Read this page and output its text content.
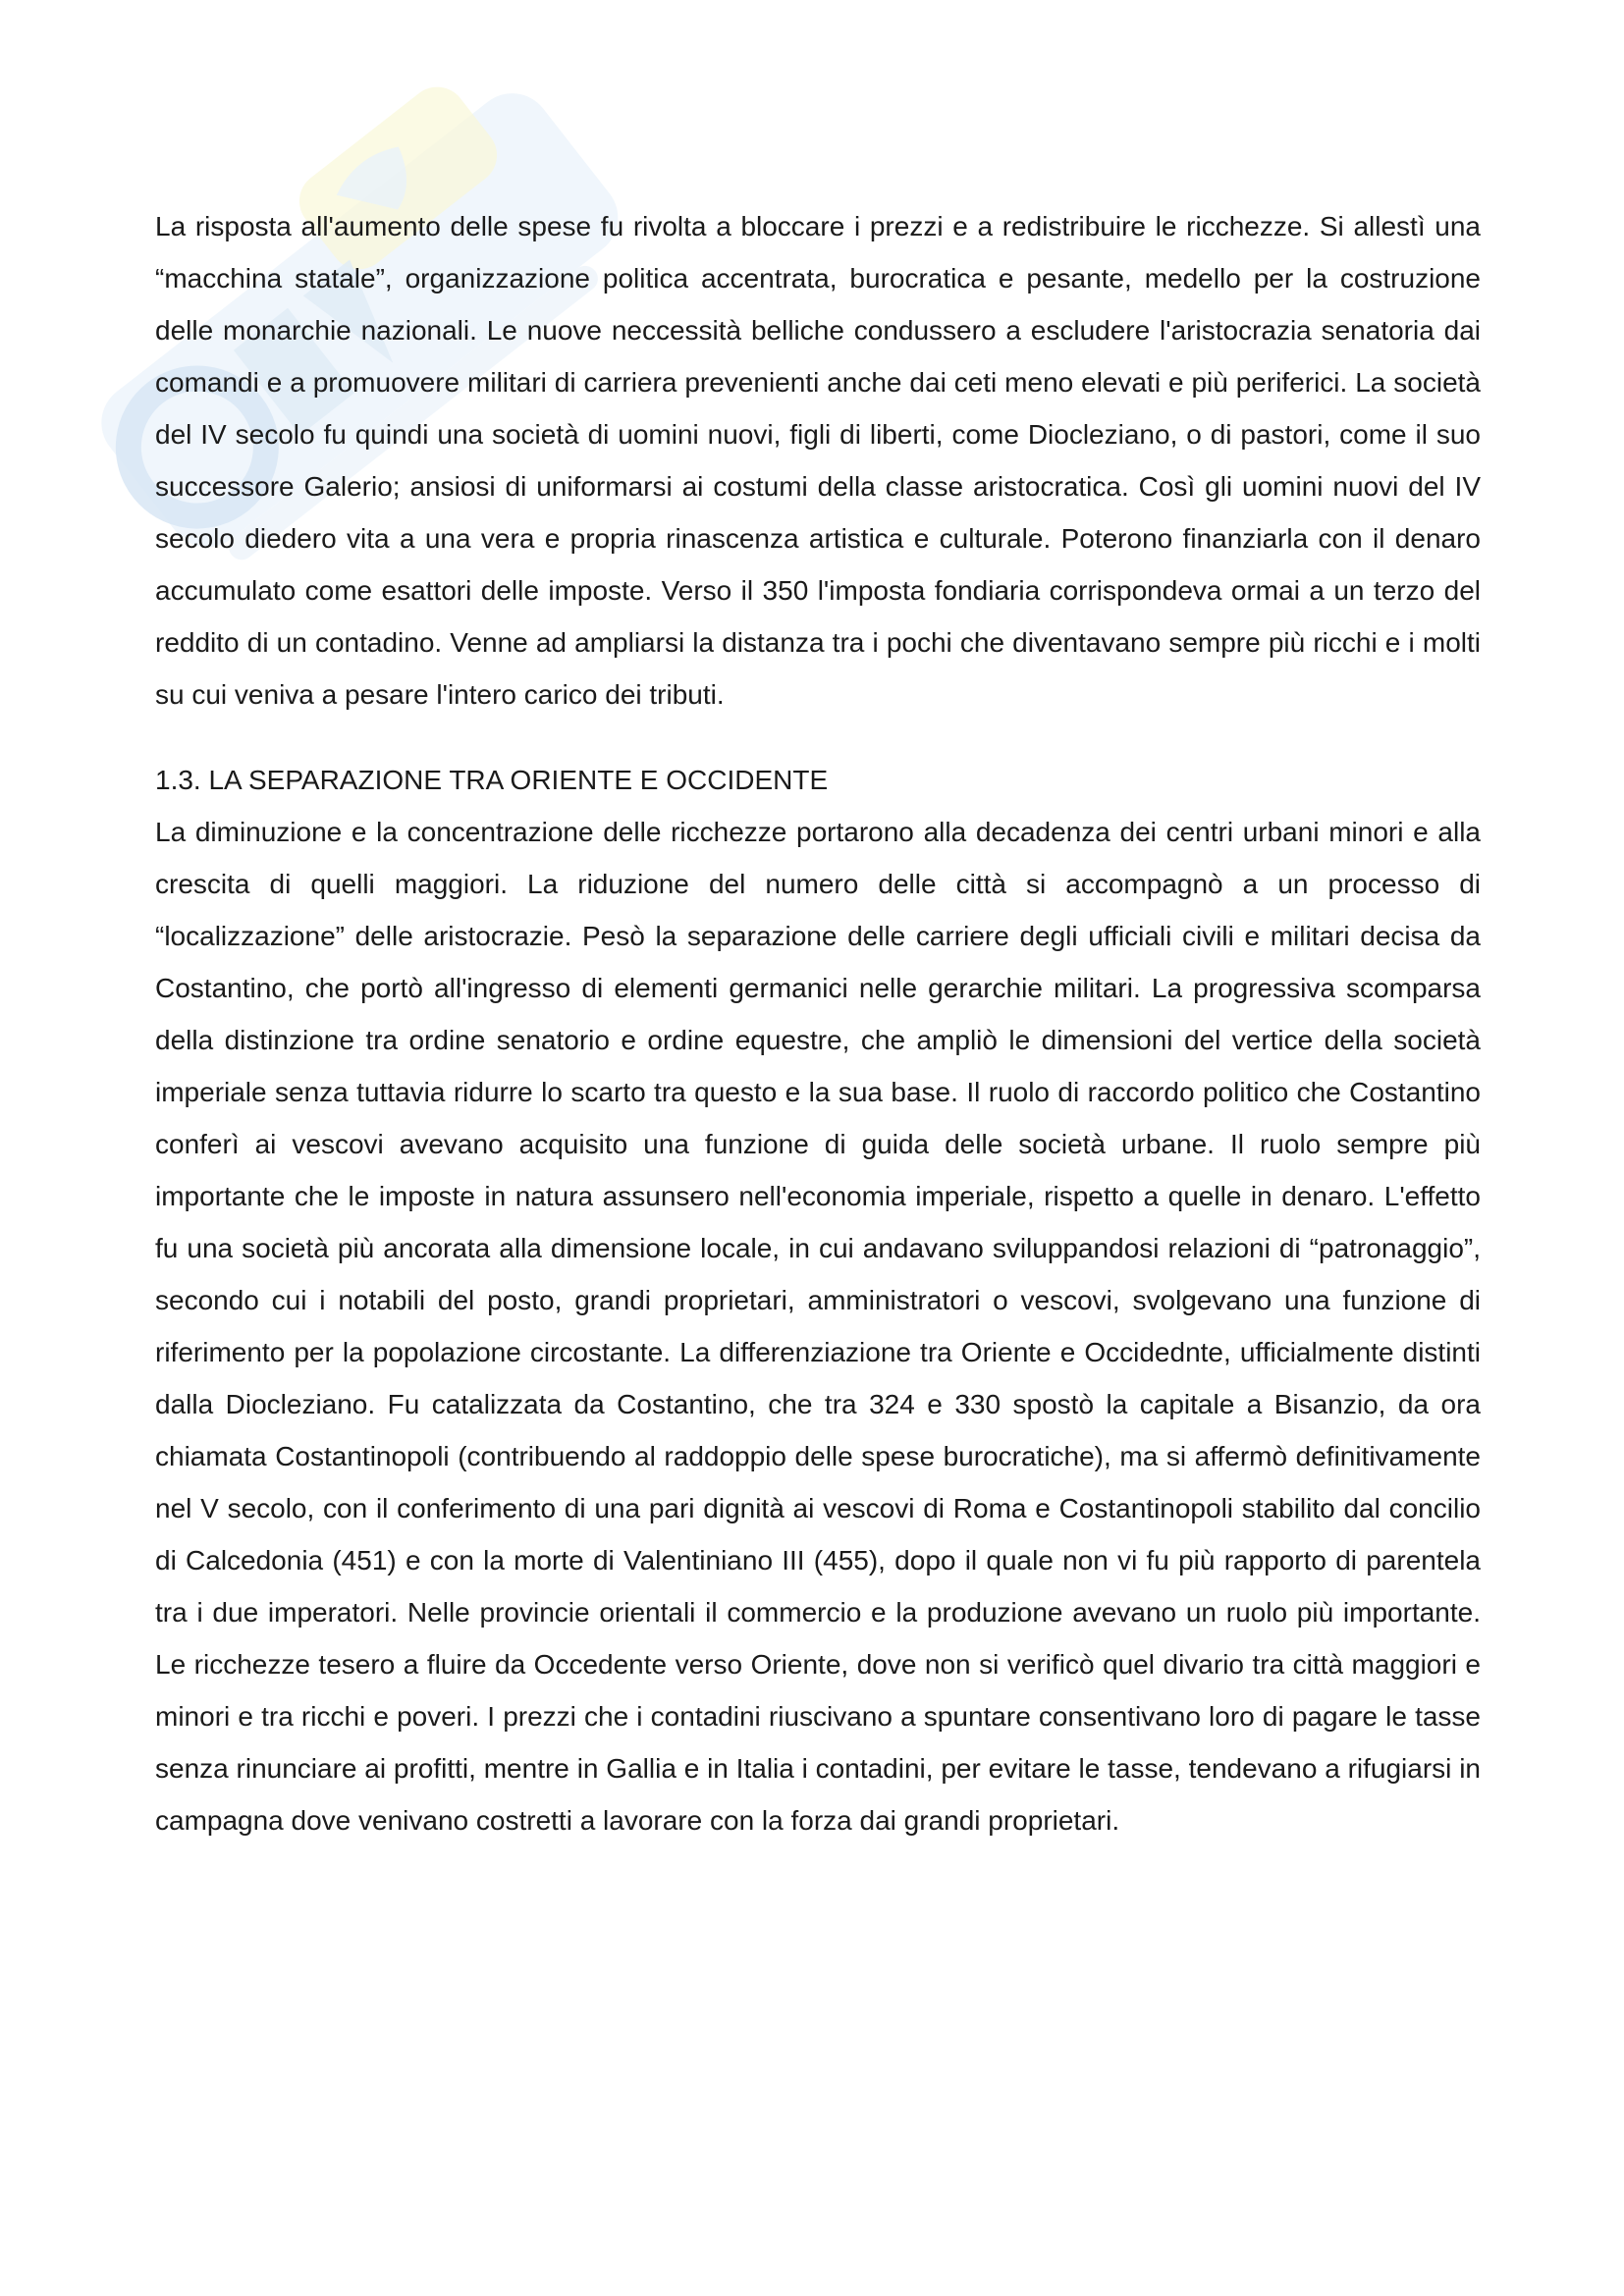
La risposta all'aumento delle spese fu rivolta a bloccare i prezzi e a redistribuire le ricchezze. Si allestì una “macchina statale”, organizzazione politica accentrata, burocratica e pesante, medello per la costruzione delle monarchie nazionali. Le nuove neccessità belliche condussero a escludere l'aristocrazia senatoria dai comandi e a promuovere militari di carriera prevenienti anche dai ceti meno elevati e più periferici. La società del IV secolo fu quindi una società di uomini nuovi, figli di liberti, come Diocleziano, o di pastori, come il suo successore Galerio; ansiosi di uniformarsi ai costumi della classe aristocratica. Così gli uomini nuovi del IV secolo diedero vita a una vera e propria rinascenza artistica e culturale. Poterono finanziarla con il denaro accumulato come esattori delle imposte. Verso il 350 l'imposta fondiaria corrispondeva ormai a un terzo del reddito di un contadino. Venne ad ampliarsi la distanza tra i pochi che diventavano sempre più ricchi e i molti su cui veniva a pesare l'intero carico dei tributi.

1.3. LA SEPARAZIONE TRA ORIENTE E OCCIDENTE

La diminuzione e la concentrazione delle ricchezze portarono alla decadenza dei centri urbani minori e alla crescita di quelli maggiori. La riduzione del numero delle città si accompagnò a un processo di “localizzazione” delle aristocrazie. Pesò la separazione delle carriere degli ufficiali civili e militari decisa da Costantino, che portò all'ingresso di elementi germanici nelle gerarchie militari. La progressiva scomparsa della distinzione tra ordine senatorio e ordine equestre, che ampliò le dimensioni del vertice della società imperiale senza tuttavia ridurre lo scarto tra questo e la sua base. Il ruolo di raccordo politico che Costantino conferì ai vescovi avevano acquisito una funzione di guida delle società urbane. Il ruolo sempre più importante che le imposte in natura assunsero nell'economia imperiale, rispetto a quelle in denaro. L'effetto fu una società più ancorata alla dimensione locale, in cui andavano sviluppandosi relazioni di “patronaggio”, secondo cui i notabili del posto, grandi proprietari, amministratori o vescovi, svolgevano una funzione di riferimento per la popolazione circostante. La differenziazione tra Oriente e Occidednte, ufficialmente distinti dalla Diocleziano. Fu catalizzata da Costantino, che tra 324 e 330 spostò la capitale a Bisanzio, da ora chiamata Costantinopoli (contribuendo al raddoppio delle spese burocratiche), ma si affermò definitivamente nel V secolo, con il conferimento di una pari dignità ai vescovi di Roma e Costantinopoli stabilito dal concilio di Calcedonia (451) e con la morte di Valentiniano III (455), dopo il quale non vi fu più rapporto di parentela tra i due imperatori. Nelle provincie orientali il commercio e la produzione avevano un ruolo più importante. Le ricchezze tesero a fluire da Occedente verso Oriente, dove non si verificò quel divario tra città maggiori e minori e tra ricchi e poveri. I prezzi che i contadini riuscivano a spuntare consentivano loro di pagare le tasse senza rinunciare ai profitti, mentre in Gallia e in Italia i contadini, per evitare le tasse, tendevano a rifugiarsi in campagna dove venivano costretti a lavorare con la forza dai grandi proprietari.
